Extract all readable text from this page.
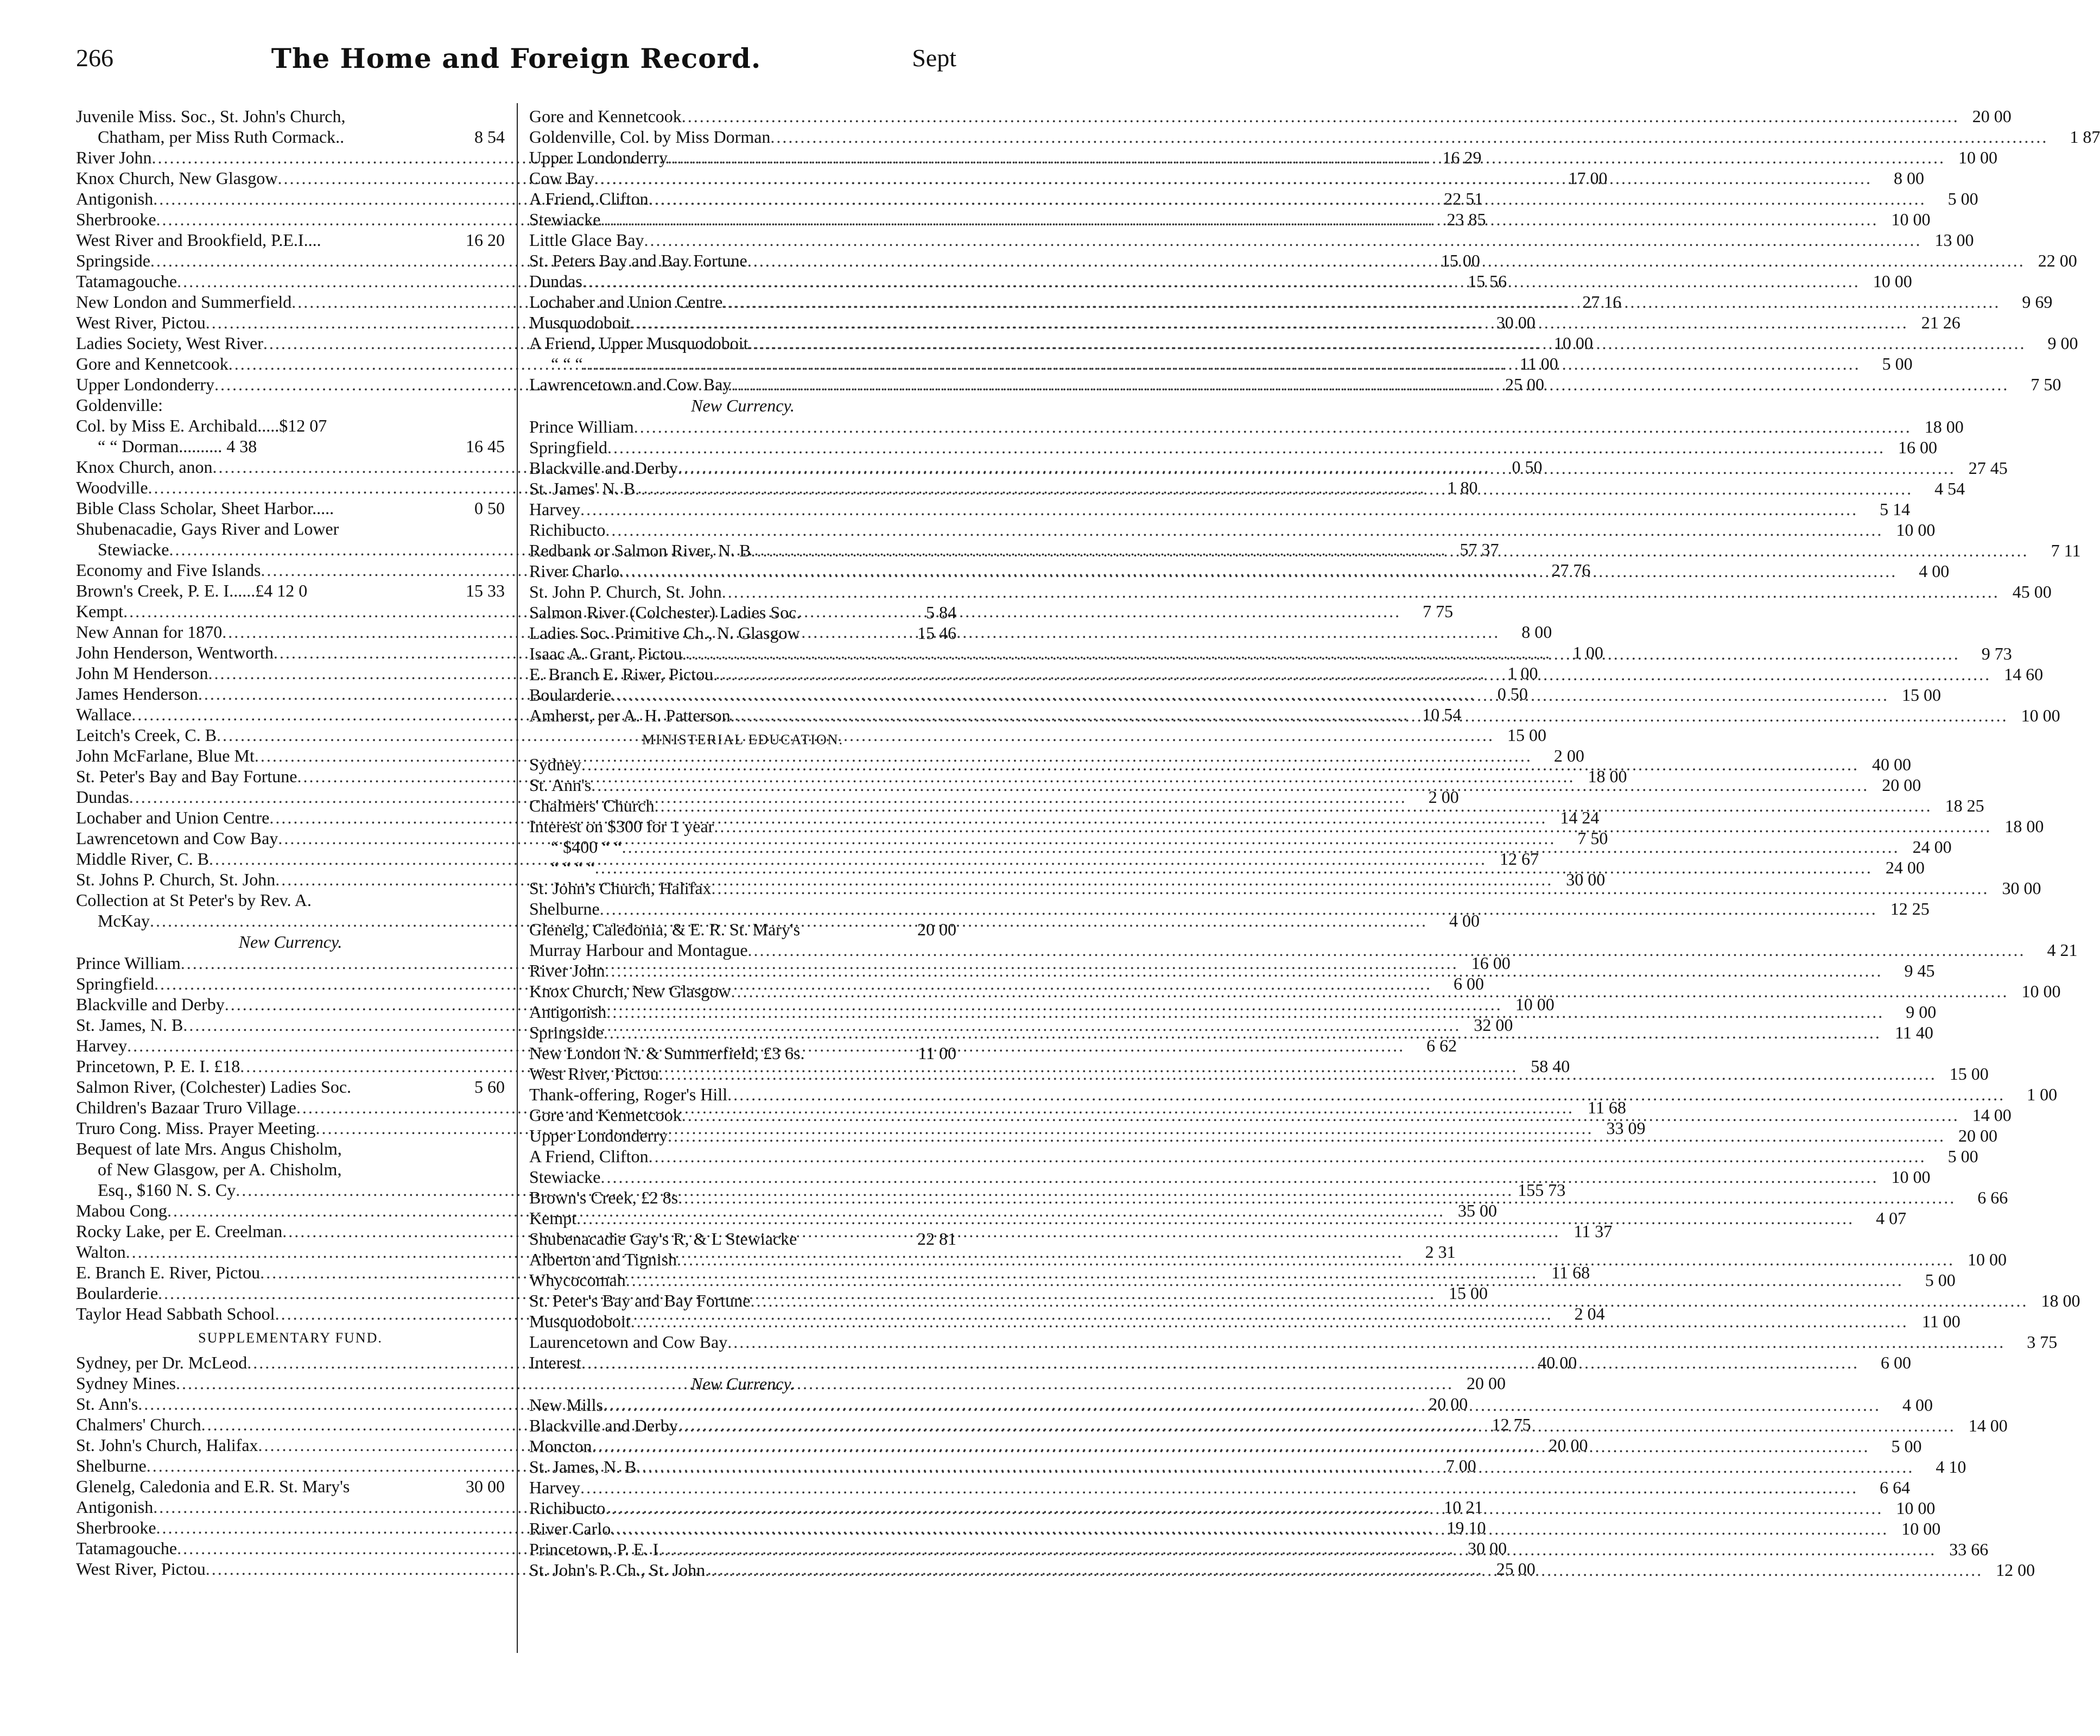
266	The Home and Foreign Record.	Sept
Juvenile Miss. Soc., St. John's Church,
Chatham, per Miss Ruth Cormack..	8 54
River John .....	16 29
Knox Church, New Glasgow .....	17 00
Antigonish .....	22 51
Sherbrooke .....	23 85
West River and Brookfield, P.E.I....	16 20
Springside .....	15 00
Tatamagouche .....	15 56
New London and Summerfield .....	27 16
West River, Pictou .....	30 00
Ladies Society, West River .....	10 00
Gore and Kennetcook .....	11 00
Upper Londonderry .....	25 00
Goldenville:
Col. by Miss E. Archibald.....$12 07
“ “ Dorman.......... 4 38	16 45
Knox Church, anon .....	0 50
Woodville .....	1 80
Bible Class Scholar, Sheet Harbor.....	0 50
Shubenacadie, Gays River and Lower
Stewiacke .....	57 37
Economy and Five Islands .....	27 76
Brown's Creek, P. E. I......£4 12 0	15 33
Kempt .....	7 75
New Annan for 1870 .....	8 00
John Henderson, Wentworth .....	1 00
John M Henderson .....	1 00
James Henderson .....	0 50
Wallace .....	10 54
Leitch's Creek, C. B .....	15 00
John McFarlane, Blue Mt .....	2 00
St. Peter's Bay and Bay Fortune .....	18 00
Dundas .....	2 00
Lochaber and Union Centre .....	14 24
Lawrencetown and Cow Bay .....	7 50
Middle River, C. B .....	12 67
St. Johns P. Church, St. John .....	30 00
Collection at St Peter's by Rev. A.
McKay .....	4 00
New Currency.
Prince William .....	16 00
Springfield .....	6 00
Blackville and Derby .....	10 00
St. James, N. B .....	32 00
Harvey .....	6 62
Princetown, P. E. I. £18 .....	58 40
Salmon River, (Colchester) Ladies Soc.	5 60
Children's Bazaar Truro Village .....	11 68
Truro Cong. Miss. Prayer Meeting .....	33 09
Bequest of late Mrs. Angus Chisholm,
of New Glasgow, per A. Chisholm,
Esq., $160 N. S. Cy .....	155 73
Mabou Cong .....	35 00
Rocky Lake, per E. Creelman .....	11 37
Walton .....	2 31
E. Branch E. River, Pictou .....	11 68
Boularderie .....	15 00
Taylor Head Sabbath School .....	2 04
SUPPLEMENTARY FUND.
Sydney, per Dr. McLeod .....	40 00
Sydney Mines .....	20 00
St. Ann's .....	20 00
Chalmers' Church .....	12 75
St. John's Church, Halifax .....	20 00
Shelburne .....	7 00
Glenelg, Caledonia and E.R. St. Mary's	30 00
Antigonish .....	10 21
Sherbrooke .....	19 10
Tatamagouche .....	30 00
West River, Pictou .....	25 00
Gore and Kennetcook .....	20 00
Goldenville, Col. by Miss Dorman .....	1 87
Upper Londonderry .....	10 00
Cow Bay .....	8 00
A Friend, Clifton .....	5 00
Stewiacke .....	10 00
Little Glace Bay .....	13 00
St. Peters Bay and Bay Fortune .....	22 00
Dundas .....	10 00
Lochaber and Union Centre .....	9 69
Musquodoboit .....	21 26
A Friend, Upper Musquodoboit .....	9 00
“ “ “ .....	5 00
Lawrencetown and Cow Bay .....	7 50
New Currency.
Prince William .....	18 00
Springfield .....	16 00
Blackville and Derby .....	27 45
St. James' N. B .....	4 54
Harvey .....	5 14
Richibucto .....	10 00
Redbank or Salmon River, N. B .....	7 11
River Charlo .....	4 00
St. John P. Church, St. John .....	45 00
Salmon River (Colchester) Ladies Soc.	5 84
Ladies Soc. Primitive Ch., N. Glasgow	15 46
Isaac A. Grant, Pictou .....	9 73
E. Branch E. River, Pictou .....	14 60
Boularderie .....	15 00
Amherst, per A. H. Patterson .....	10 00
MINISTERIAL EDUCATION.
Sydney .....	40 00
St. Ann's .....	20 00
Chalmers' Church .....	18 25
Interest on $300 for 1 year .....	18 00
“ $400 “ “ .....	24 00
“ “ “ “ .....	24 00
St. John's Church, Halifax .....	30 00
Shelburne .....	12 25
Glenelg, Caledonia, & E. R. St. Mary's	20 00
Murray Harbour and Montague .....	4 21
River John .....	9 45
Knox Church, New Glasgow .....	10 00
Antigonish .....	9 00
Springside .....	11 40
New London N. & Summerfield, £3 6s.	11 00
West River, Pictou .....	15 00
Thank-offering, Roger's Hill .....	1 00
Gore and Kennetcook .....	14 00
Upper Londonderry .....	20 00
A Friend, Clifton .....	5 00
Stewiacke .....	10 00
Brown's Creek, £2 8s .....	6 66
Kempt .....	4 07
Shubenacadie Gay's R, & L Stewiacke	22 81
Alberton and Tignish .....	10 00
Whycocomah .....	5 00
St. Peter's Bay and Bay Fortune .....	18 00
Musquodoboit .....	11 00
Laurencetown and Cow Bay .....	3 75
Interest .....	6 00
New Currency.
New Mills .....	4 00
Blackville and Derby .....	14 00
Moncton .....	5 00
St. James, N. B .....	4 10
Harvey .....	6 64
Richibucto .....	10 00
River Carlo .....	10 00
Princetown, P. E. I .....	33 66
St. John's P. Ch., St. John .....	12 00
